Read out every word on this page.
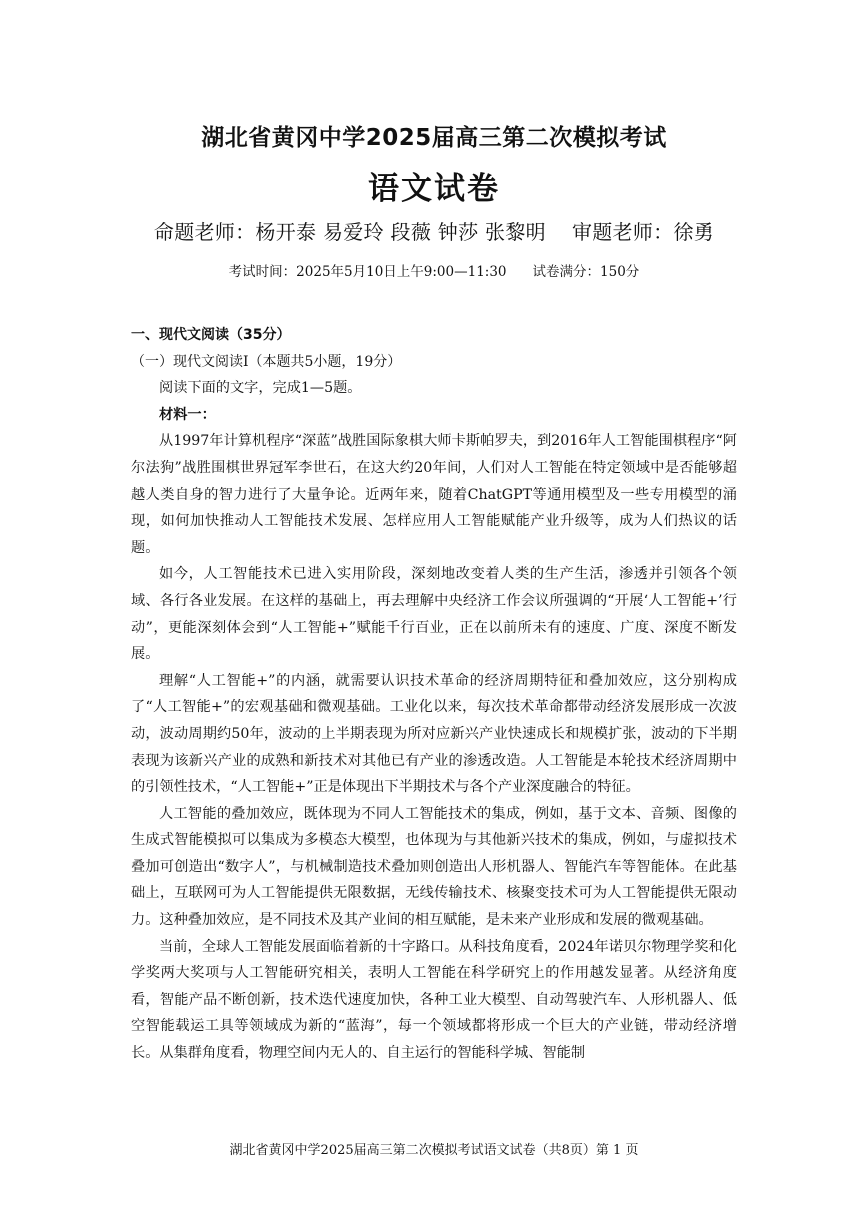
湖北省黄冈中学2025届高三第二次模拟考试
语文试卷
命题老师：杨开泰 易爱玲 段薇 钟莎 张黎明 审题老师：徐勇
考试时间：2025年5月10日上午9:00—11:30 试卷满分：150分
一、现代文阅读（35分）
（一）现代文阅读Ⅰ（本题共5小题，19分）
阅读下面的文字，完成1—5题。
材料一：

从1997年计算机程序“深蓝”战胜国际象棋大师卡斯帕罗夫，到2016年人工智能围棋程序“阿尔法狗”战胜围棋世界冠军李世石，在这大约20年间，人们对人工智能在特定领域中是否能够超越人类自身的智力进行了大量争论。近两年来，随着ChatGPT等通用模型及一些专用模型的涌现，如何加快推动人工智能技术发展、怎样应用人工智能赋能产业升级等，成为人们热议的话题。

如今，人工智能技术已进入实用阶段，深刻地改变着人类的生产生活，渗透并引领各个领域、各行各业发展。在这样的基础上，再去理解中央经济工作会议所强调的“开展‘人工智能+’行动”，更能深刻体会到“人工智能+”赋能千行百业，正在以前所未有的速度、广度、深度不断发展。

理解“人工智能+”的内涵，就需要认识技术革命的经济周期特征和叠加效应，这分别构成了“人工智能+”的宏观基础和微观基础。工业化以来，每次技术革命都带动经济发展形成一次波动，波动周期约50年，波动的上半期表现为所对应新兴产业快速成长和规模扩张，波动的下半期表现为该新兴产业的成熟和新技术对其他已有产业的渗透改造。人工智能是本轮技术经济周期中的引领性技术，“人工智能+”正是体现出下半期技术与各个产业深度融合的特征。

人工智能的叠加效应，既体现为不同人工智能技术的集成，例如，基于文本、音频、图像的生成式智能模拟可以集成为多模态大模型，也体现为与其他新兴技术的集成，例如，与虚拟技术叠加可创造出“数字人”，与机械制造技术叠加则创造出人形机器人、智能汽车等智能体。在此基础上，互联网可为人工智能提供无限数据，无线传输技术、核聚变技术可为人工智能提供无限动力。这种叠加效应，是不同技术及其产业间的相互赋能，是未来产业形成和发展的微观基础。

当前，全球人工智能发展面临着新的十字路口。从科技角度看，2024年诺贝尔物理学奖和化学奖两大奖项与人工智能研究相关，表明人工智能在科学研究上的作用越发显著。从经济角度看，智能产品不断创新，技术迭代速度加快，各种工业大模型、自动驾驶汽车、人形机器人、低空智能载运工具等领域成为新的“蓝海”，每一个领域都将形成一个巨大的产业链，带动经济增长。从集群角度看，物理空间内无人的、自主运行的智能科学城、智能制

湖北省黄冈中学2025届高三第二次模拟考试语文试卷（共8页）第 1 页
